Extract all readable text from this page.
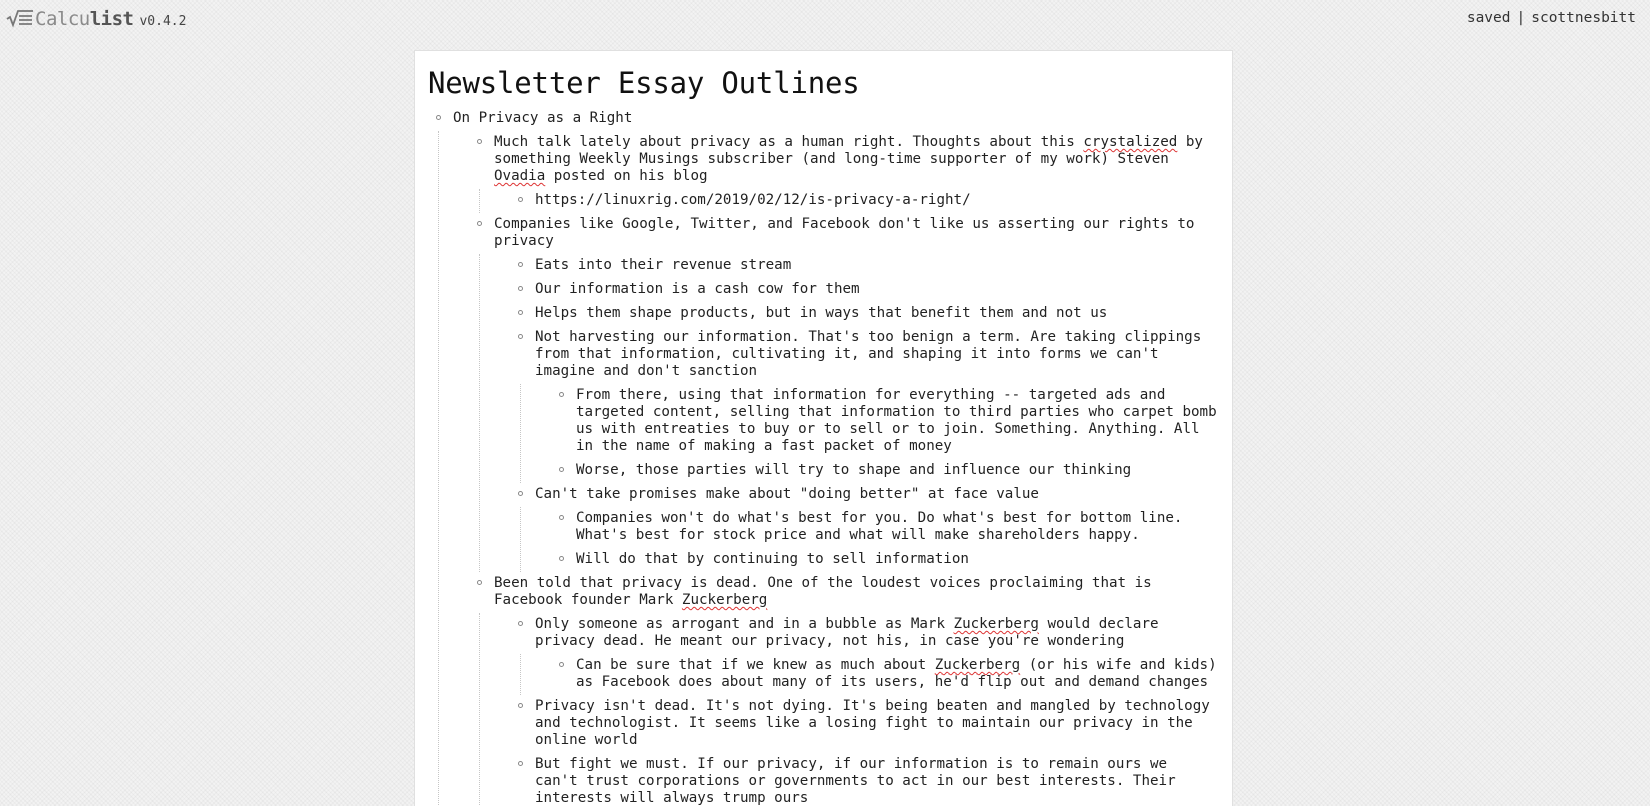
Calculist v0.4.2	saved | scottnesbitt
Newsletter Essay Outlines
On Privacy as a Right
Much talk lately about privacy as a human right. Thoughts about this crystalized by something Weekly Musings subscriber (and long-time supporter of my work) Steven Ovadia posted on his blog
https://linuxrig.com/2019/02/12/is-privacy-a-right/
Companies like Google, Twitter, and Facebook don't like us asserting our rights to privacy
Eats into their revenue stream
Our information is a cash cow for them
Helps them shape products, but in ways that benefit them and not us
Not harvesting our information. That's too benign a term. Are taking clippings from that information, cultivating it, and shaping it into forms we can't imagine and don't sanction
From there, using that information for everything -- targeted ads and targeted content, selling that information to third parties who carpet bomb us with entreaties to buy or to sell or to join. Something. Anything. All in the name of making a fast packet of money
Worse, those parties will try to shape and influence our thinking
Can't take promises make about "doing better" at face value
Companies won't do what's best for you. Do what's best for bottom line. What's best for stock price and what will make shareholders happy.
Will do that by continuing to sell information
Been told that privacy is dead. One of the loudest voices proclaiming that is Facebook founder Mark Zuckerberg
Only someone as arrogant and in a bubble as Mark Zuckerberg would declare privacy dead. He meant our privacy, not his, in case you're wondering
Can be sure that if we knew as much about Zuckerberg (or his wife and kids) as Facebook does about many of its users, he'd flip out and demand changes
Privacy isn't dead. It's not dying. It's being beaten and mangled by technology and technologist. It seems like a losing fight to maintain our privacy in the online world
But fight we must. If our privacy, if our information is to remain ours we can't trust corporations or governments to act in our best interests. Their interests will always trump ours
